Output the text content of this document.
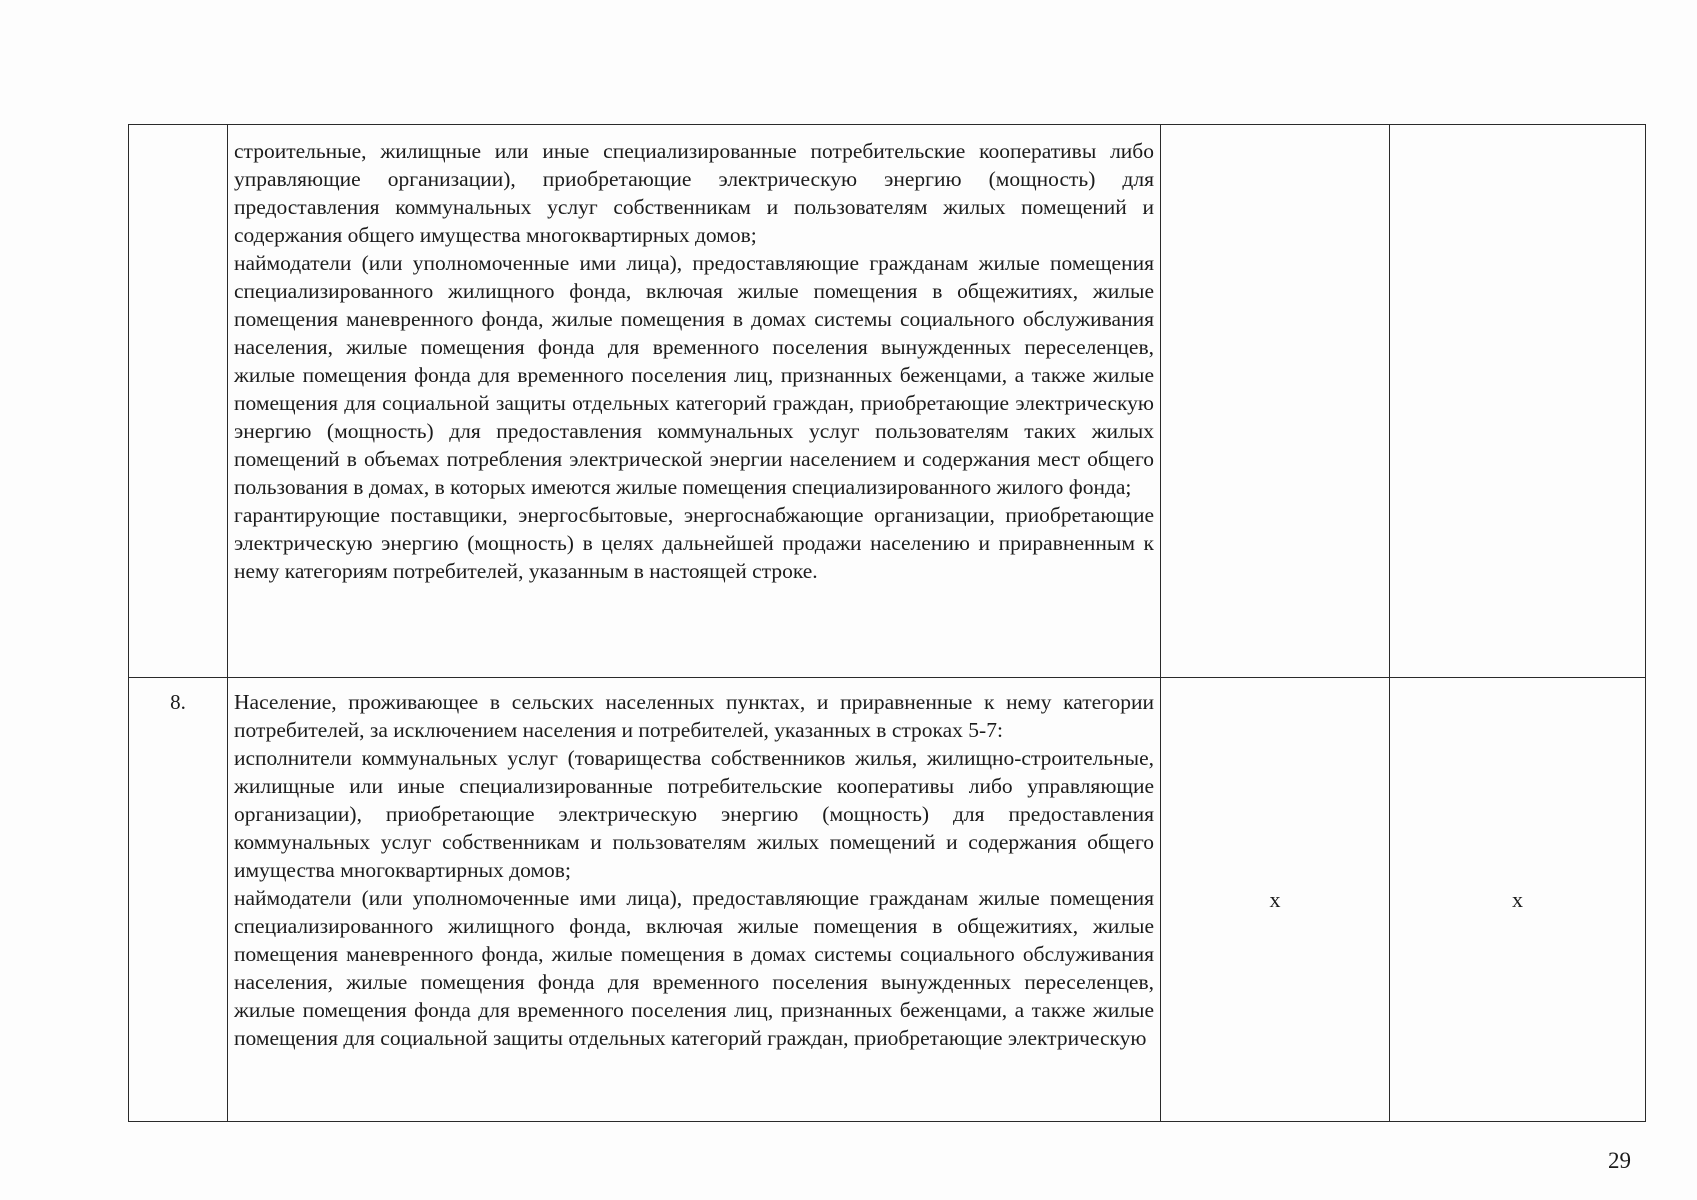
	строительные, жилищные или иные специализированные потребительские кооперативы либо управляющие организации), приобретающие электрическую энергию (мощность) для предоставления коммунальных услуг собственникам и пользователям жилых помещений и содержания общего имущества многоквартирных домов;

наймодатели (или уполномоченные ими лица), предоставляющие гражданам жилые помещения специализированного жилищного фонда, включая жилые помещения в общежитиях, жилые помещения маневренного фонда, жилые помещения в домах системы социального обслуживания населения, жилые помещения фонда для временного поселения вынужденных переселенцев, жилые помещения фонда для временного поселения лиц, признанных беженцами, а также жилые помещения для социальной защиты отдельных категорий граждан, приобретающие электрическую энергию (мощность) для предоставления коммунальных услуг пользователям таких жилых помещений в объемах потребления электрической энергии населением и содержания мест общего пользования в домах, в которых имеются жилые помещения специализированного жилого фонда;

гарантирующие поставщики, энергосбытовые, энергоснабжающие организации, приобретающие электрическую энергию (мощность) в целях дальнейшей продажи населению и приравненным к нему категориям потребителей, указанным в настоящей строке.		

8.	Население, проживающее в сельских населенных пунктах, и приравненные к нему категории потребителей, за исключением населения и потребителей, указанных в строках 5-7:

исполнители коммунальных услуг (товарищества собственников жилья, жилищно-строительные, жилищные или иные специализированные потребительские кооперативы либо управляющие организации), приобретающие электрическую энергию (мощность) для предоставления коммунальных услуг собственникам и пользователям жилых помещений и содержания общего имущества многоквартирных домов;

наймодатели (или уполномоченные ими лица), предоставляющие гражданам жилые помещения специализированного жилищного фонда, включая жилые помещения в общежитиях, жилые помещения маневренного фонда, жилые помещения в домах системы социального обслуживания населения, жилые помещения фонда для временного поселения вынужденных переселенцев, жилые помещения фонда для временного поселения лиц, признанных беженцами, а также жилые помещения для социальной защиты отдельных категорий граждан, приобретающие электрическую	х	х
29
